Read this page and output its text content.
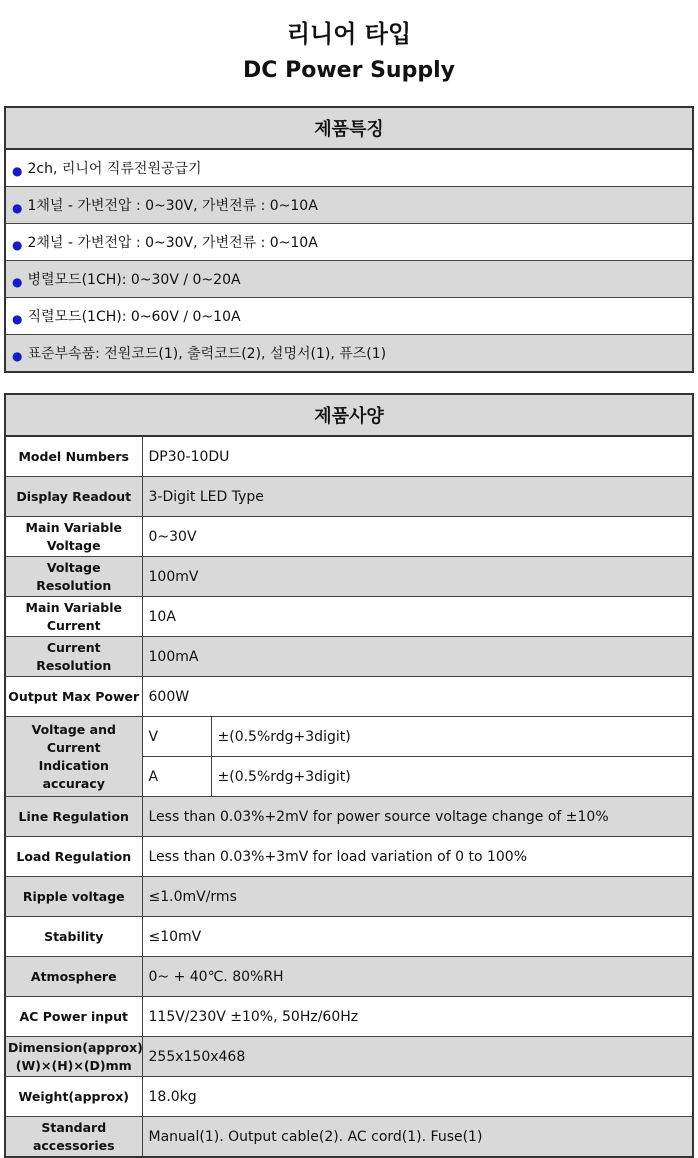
리니어 타입
DC Power Supply
제품특징
● 2ch, 리니어 직류전원공급기
● 1채널 - 가변전압 : 0~30V, 가변전류 : 0~10A
● 2채널 - 가변전압 : 0~30V, 가변전류 : 0~10A
● 병렬모드(1CH): 0~30V / 0~20A
● 직렬모드(1CH): 0~60V / 0~10A
● 표준부속품: 전원코드(1), 출력코드(2), 설명서(1), 퓨즈(1)
제품사양		
Model Numbers	DP30-10DU	
Display Readout	3-Digit LED Type	
Main Variable
Voltage	0~30V	
Voltage Resolution	100mV	
Main Variable
Current	10A	
Current Resolution	100mA	
Output Max Power	600W	
Voltage and Current
Indication accuracy	V	±(0.5%rdg+3digit)
	A	±(0.5%rdg+3digit)
Line Regulation	Less than 0.03%+2mV for power source voltage change of ±10%	
Load Regulation	Less than 0.03%+3mV for load variation of 0 to 100%	
Ripple voltage	≤1.0mV/rms	
Stability	≤10mV	
Atmosphere	0~ + 40℃. 80%RH	
AC Power input	115V/230V ±10%, 50Hz/60Hz	
Dimension(approx)
(W)×(H)×(D)mm	255x150x468	
Weight(approx)	18.0kg	
Standard accessories	Manual(1). Output cable(2). AC cord(1). Fuse(1)	
